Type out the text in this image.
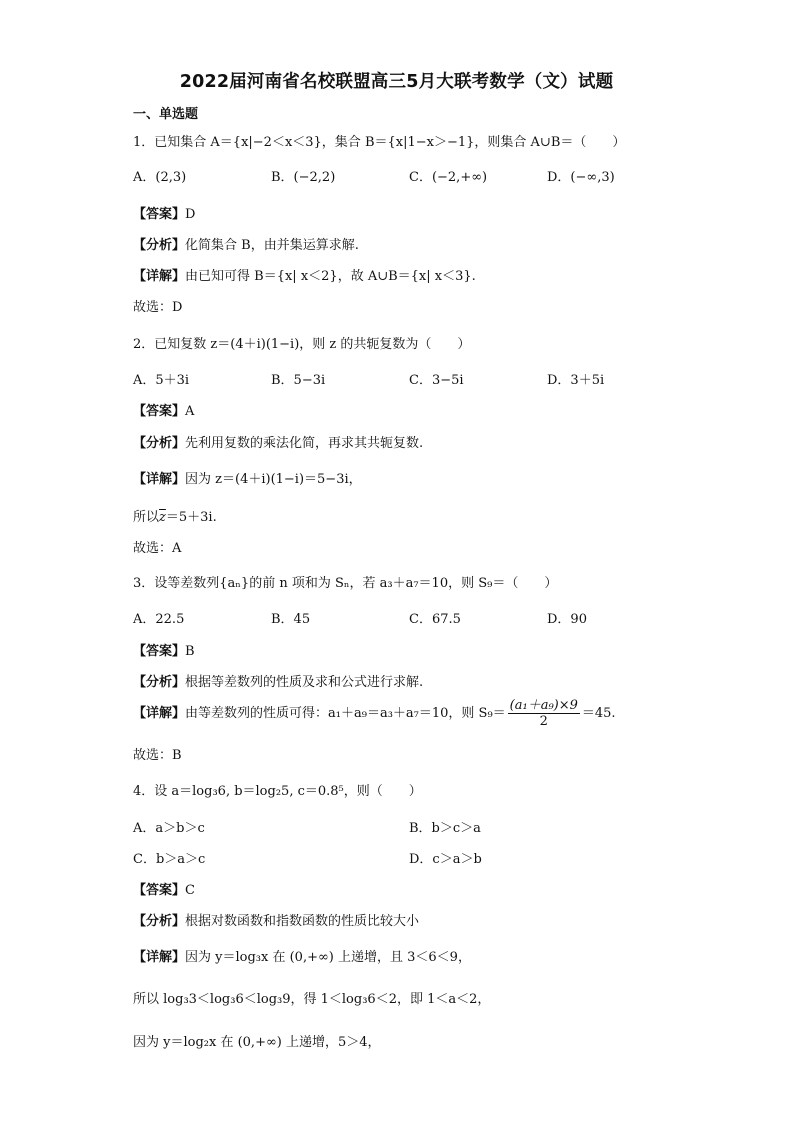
2022届河南省名校联盟高三5月大联考数学（文）试题
一、单选题
1．已知集合 A＝{x|−2＜x＜3}，集合 B＝{x|1−x＞−1}，则集合 A∪B＝（　　）
A．(2,3)	B．(−2,2)	C．(−2,+∞)	D．(−∞,3)
【答案】D
【分析】化简集合 B，由并集运算求解.
【详解】由已知可得 B＝{x| x＜2}，故 A∪B＝{x| x＜3}.
故选：D
2．已知复数 z＝(4＋i)(1−i)，则 z 的共轭复数为（　　）
A．5＋3i	B．5−3i	C．3−5i	D．3＋5i
【答案】A
【分析】先利用复数的乘法化简，再求其共轭复数.
【详解】因为 z＝(4＋i)(1−i)＝5−3i，
所以$\overline{z}=5+3i$.
故选：A
3．设等差数列{aₙ}的前 n 项和为 Sₙ，若 a₃＋a₇＝10，则 S₉＝（　　）
A．22.5	B．45	C．67.5	D．90
【答案】B
【分析】根据等差数列的性质及求和公式进行求解.
【详解】由等差数列的性质可得：a₁＋a₉＝a₃＋a₇＝10，则 $S_9= \frac{\text{(a₁＋a₉)×9}}{2} =45$.
故选：B
4．设 a＝log₃6, b＝log₂5, c＝0.8⁵，则（　　）
A．a＞b＞c	B．b＞c＞a
C．b＞a＞c	D．c＞a＞b
【答案】C
【分析】根据对数函数和指数函数的性质比较大小
【详解】因为 y＝log₃x 在 (0,+∞) 上递增，且 3＜6＜9，
所以 log₃3＜log₃6＜log₃9，得 1＜log₃6＜2，即 1＜a＜2，
因为 y＝log₂x 在 (0,+∞) 上递增，5＞4，
